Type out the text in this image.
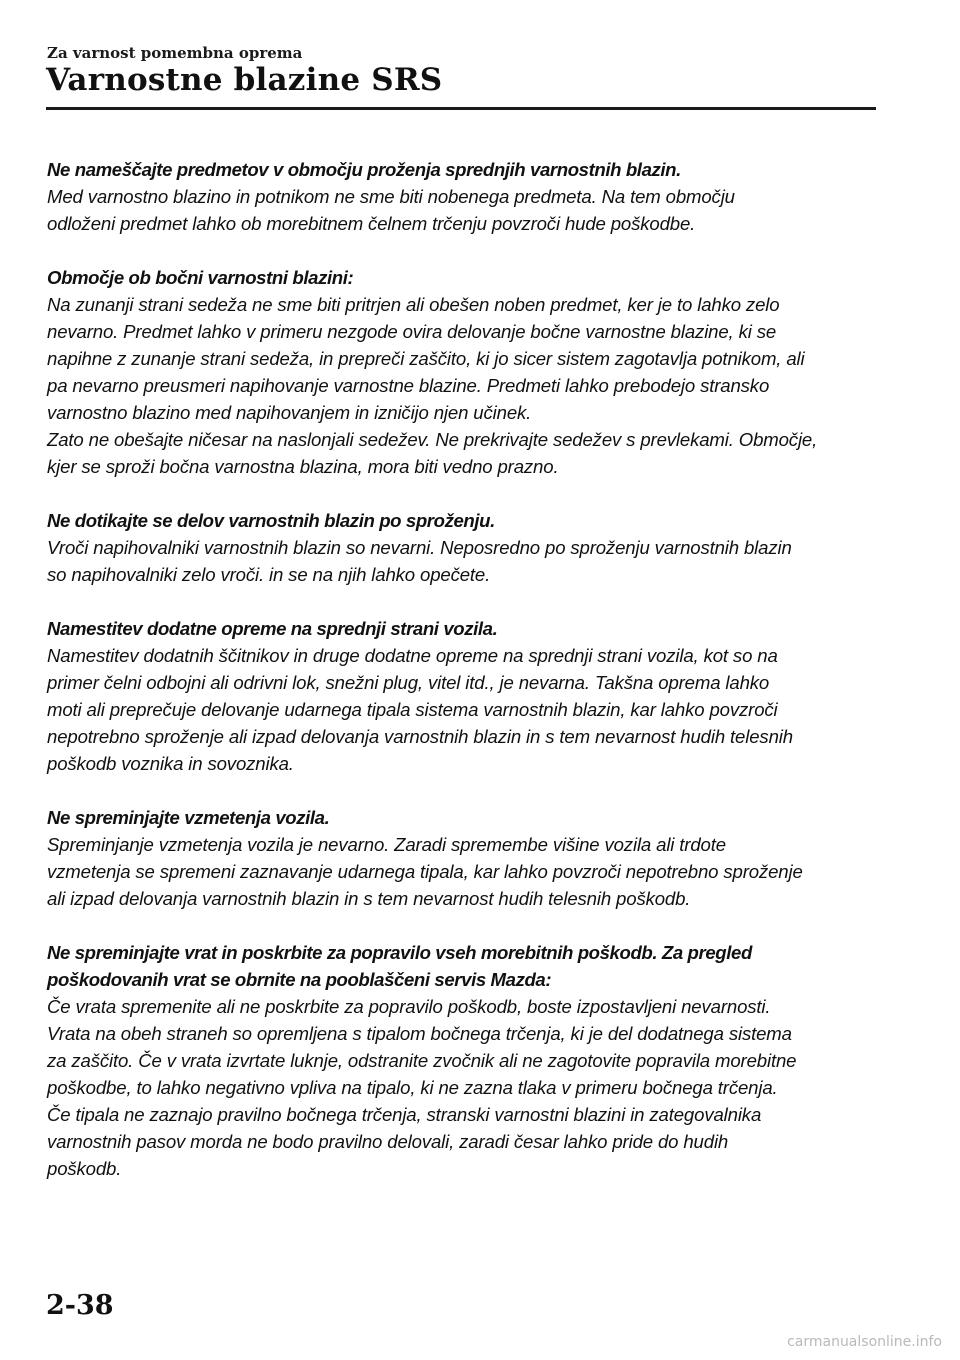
Za varnost pomembna oprema
Varnostne blazine SRS
Ne nameščajte predmetov v območju proženja sprednjih varnostnih blazin.
Med varnostno blazino in potnikom ne sme biti nobenega predmeta. Na tem območju
odloženi predmet lahko ob morebitnem čelnem trčenju povzroči hude poškodbe.
Območje ob bočni varnostni blazini:
Na zunanji strani sedeža ne sme biti pritrjen ali obešen noben predmet, ker je to lahko zelo
nevarno. Predmet lahko v primeru nezgode ovira delovanje bočne varnostne blazine, ki se
napihne z zunanje strani sedeža, in prepreči zaščito, ki jo sicer sistem zagotavlja potnikom, ali
pa nevarno preusmeri napihovanje varnostne blazine. Predmeti lahko prebodejo stransko
varnostno blazino med napihovanjem in izničijo njen učinek.
Zato ne obešajte ničesar na naslonjali sedežev. Ne prekrivajte sedežev s prevlekami. Območje,
kjer se sproži bočna varnostna blazina, mora biti vedno prazno.
Ne dotikajte se delov varnostnih blazin po sproženju.
Vroči napihovalniki varnostnih blazin so nevarni. Neposredno po sproženju varnostnih blazin
so napihovalniki zelo vroči. in se na njih lahko opečete.
Namestitev dodatne opreme na sprednji strani vozila.
Namestitev dodatnih ščitnikov in druge dodatne opreme na sprednji strani vozila, kot so na
primer čelni odbojni ali odrivni lok, snežni plug, vitel itd., je nevarna. Takšna oprema lahko
moti ali preprečuje delovanje udarnega tipala sistema varnostnih blazin, kar lahko povzroči
nepotrebno sproženje ali izpad delovanja varnostnih blazin in s tem nevarnost hudih telesnih
poškodb voznika in sovoznika.
Ne spreminjajte vzmetenja vozila.
Spreminjanje vzmetenja vozila je nevarno. Zaradi spremembe višine vozila ali trdote
vzmetenja se spremeni zaznavanje udarnega tipala, kar lahko povzroči nepotrebno sproženje
ali izpad delovanja varnostnih blazin in s tem nevarnost hudih telesnih poškodb.
Ne spreminjajte vrat in poskrbite za popravilo vseh morebitnih poškodb. Za pregled
poškodovanih vrat se obrnite na pooblaščeni servis Mazda:
Če vrata spremenite ali ne poskrbite za popravilo poškodb, boste izpostavljeni nevarnosti.
Vrata na obeh straneh so opremljena s tipalom bočnega trčenja, ki je del dodatnega sistema
za zaščito. Če v vrata izvrtate luknje, odstranite zvočnik ali ne zagotovite popravila morebitne
poškodbe, to lahko negativno vpliva na tipalo, ki ne zazna tlaka v primeru bočnega trčenja.
Če tipala ne zaznajo pravilno bočnega trčenja, stranski varnostni blazini in zategovalnika
varnostnih pasov morda ne bodo pravilno delovali, zaradi česar lahko pride do hudih
poškodb.
2-38
carmanualsonline.info
